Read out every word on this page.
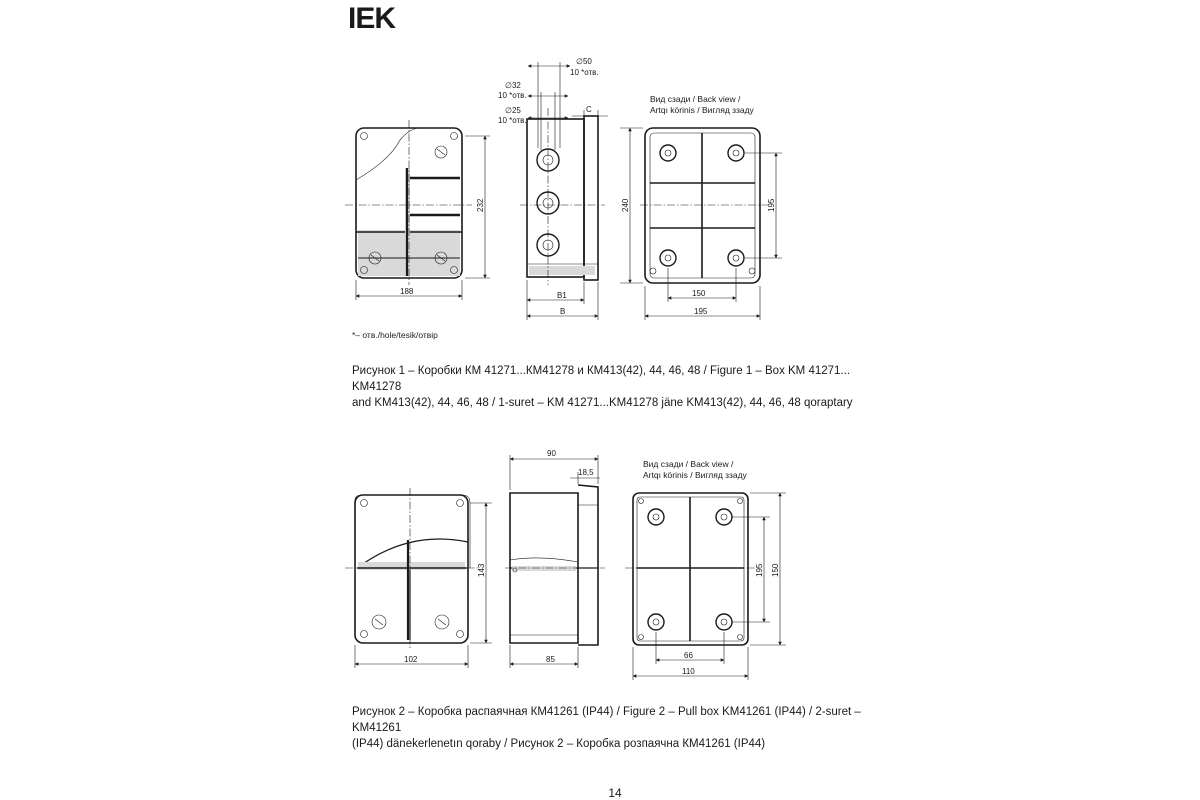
IEK
188
232
∅50
10 *отв.
∅32
10 *отв.
∅25
10 *отв.
C
B1
B
Вид сзади / Back view /
Artqı körinis / Вигляд ззаду
240	195
150
195
102
143
90
18,5
85
Вид сзади / Back view /
Artqı körinis / Вигляд ззаду
195 150
66
110
*– отв./hole/tesik/отвір
Рисунок 1 – Коробки КМ 41271...КМ41278 и КМ413(42), 44, 46, 48 / Figure 1 – Box KM 41271... KM41278
and KM413(42), 44, 46, 48 / 1-suret – KM 41271...KM41278 jäne KM413(42), 44, 46, 48 qoraptary
Рисунок 2 – Коробка распаячная КМ41261 (IP44) / Figure 2 – Pull box KM41261 (IP44) / 2-suret – KM41261
(IP44) dänekerlenetın qoraby / Рисунок 2 – Коробка розпаячна КМ41261 (IP44)
14
